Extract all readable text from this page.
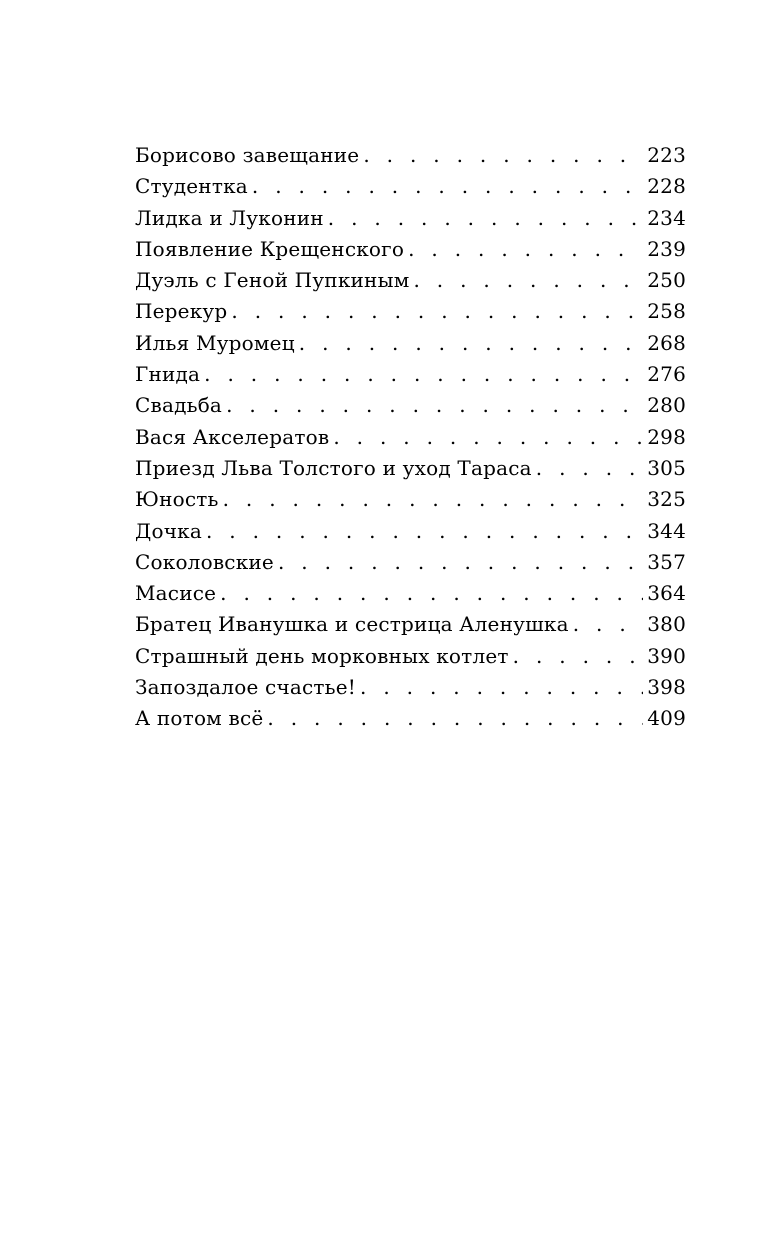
Борисово завещание . . .	223
Студентка . . .	228
Лидка и Луконин . . .	234
Появление Крещенского . . .	239
Дуэль с Геной Пупкиным . . .	250
Перекур . . .	258
Илья Муромец . . .	268
Гнида . . .	276
Свадьба . . .	280
Вася Акселератов . . .	298
Приезд Льва Толстого и уход Тараса . . .	305
Юность . . .	325
Дочка . . .	344
Соколовские . . .	357
Масисе . . .	364
Братец Иванушка и сестрица Аленушка . . .	380
Страшный день морковных котлет . . .	390
Запоздалое счастье! . . .	398
А потом всё . . .	409
